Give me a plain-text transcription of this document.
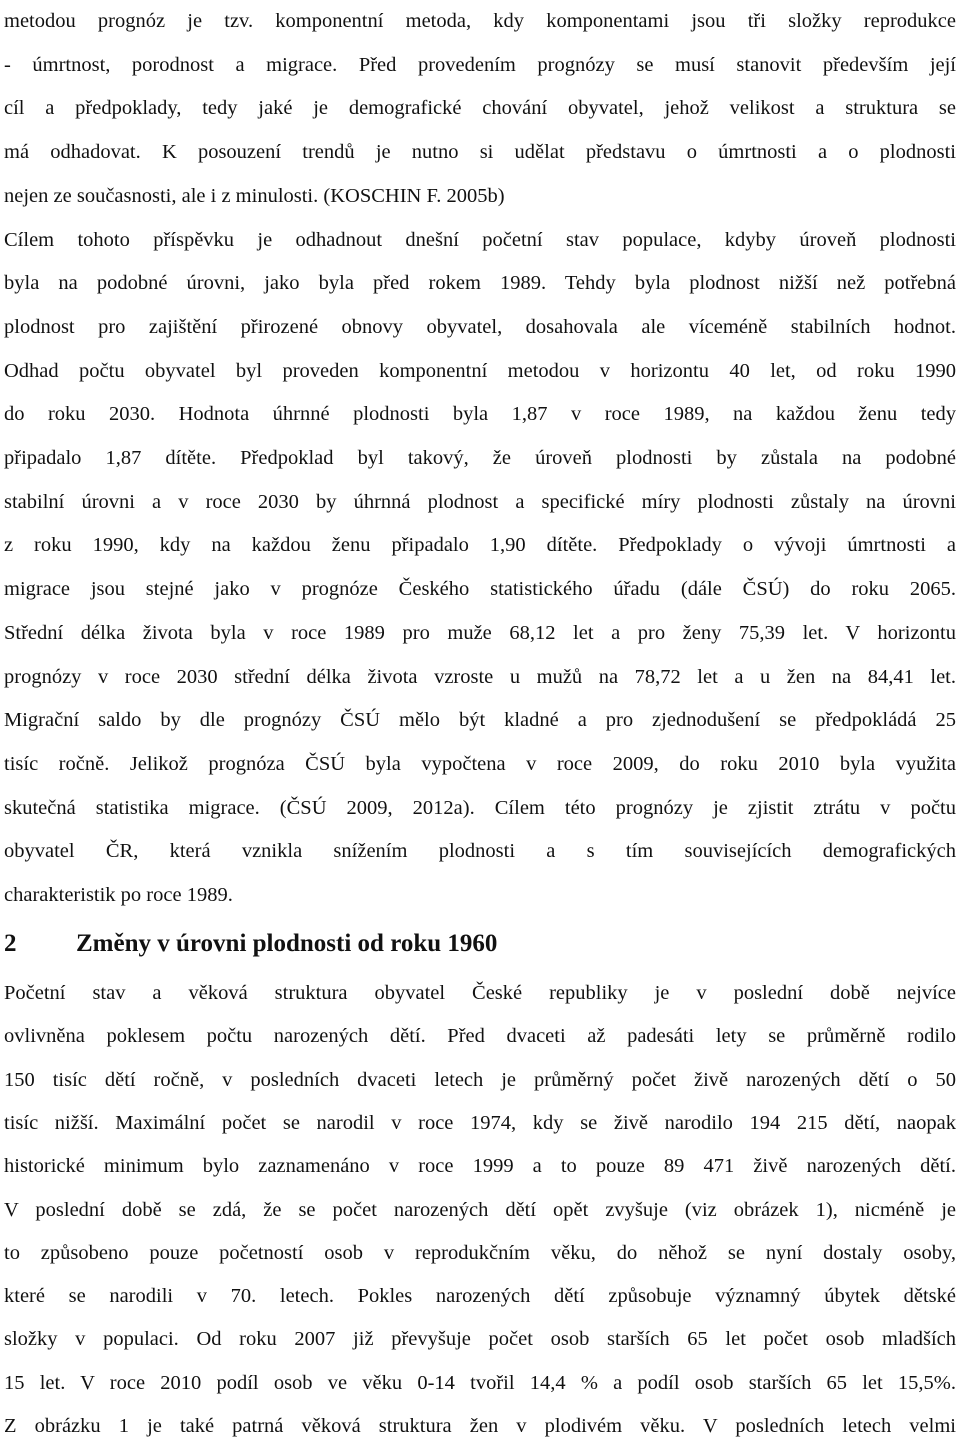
metodou prognóz je tzv. komponentní metoda, kdy komponentami jsou tři složky reprodukce
- úmrtnost, porodnost a migrace. Před provedením prognózy se musí stanovit především její
cíl a předpoklady, tedy jaké je demografické chování obyvatel, jehož velikost a struktura se
má odhadovat. K posouzení trendů je nutno si udělat představu o úmrtnosti a o plodnosti
nejen ze současnosti, ale i z minulosti. (KOSCHIN F. 2005b)
Cílem tohoto příspěvku je odhadnout dnešní početní stav populace, kdyby úroveň plodnosti
byla na podobné úrovni, jako byla před rokem 1989. Tehdy byla plodnost nižší než potřebná
plodnost pro zajištění přirozené obnovy obyvatel, dosahovala ale víceméně stabilních hodnot.
Odhad počtu obyvatel byl proveden komponentní metodou v horizontu 40 let, od roku 1990
do roku 2030. Hodnota úhrnné plodnosti byla 1,87 v roce 1989, na každou ženu tedy
připadalo 1,87 dítěte. Předpoklad byl takový, že úroveň plodnosti by zůstala na podobné
stabilní úrovni a v roce 2030 by úhrnná plodnost a specifické míry plodnosti zůstaly na úrovni
z roku 1990, kdy na každou ženu připadalo 1,90 dítěte. Předpoklady o vývoji úmrtnosti a
migrace jsou stejné jako v prognóze Českého statistického úřadu (dále ČSÚ) do roku 2065.
Střední délka života byla v roce 1989 pro muže 68,12 let a pro ženy 75,39 let. V horizontu
prognózy v roce 2030 střední délka života vzroste u mužů na 78,72 let a u žen na 84,41 let.
Migrační saldo by dle prognózy ČSÚ mělo být kladné a pro zjednodušení se předpokládá 25
tisíc ročně. Jelikož prognóza ČSÚ byla vypočtena v roce 2009, do roku 2010 byla využita
skutečná statistika migrace. (ČSÚ 2009, 2012a). Cílem této prognózy je zjistit ztrátu v počtu
obyvatel ČR, která vznikla snížením plodnosti a s tím souvisejících demografických
charakteristik po roce 1989.
2 Změny v úrovni plodnosti od roku 1960
Početní stav a věková struktura obyvatel České republiky je v poslední době nejvíce
ovlivněna poklesem počtu narozených dětí. Před dvaceti až padesáti lety se průměrně rodilo
150 tisíc dětí ročně, v posledních dvaceti letech je průměrný počet živě narozených dětí o 50
tisíc nižší. Maximální počet se narodil v roce 1974, kdy se živě narodilo 194 215 dětí, naopak
historické minimum bylo zaznamenáno v roce 1999 a to pouze 89 471 živě narozených dětí.
V poslední době se zdá, že se počet narozených dětí opět zvyšuje (viz obrázek 1), nicméně je
to způsobeno pouze početností osob v reprodukčním věku, do něhož se nyní dostaly osoby,
které se narodili v 70. letech. Pokles narozených dětí způsobuje významný úbytek dětské
složky v populaci. Od roku 2007 již převyšuje počet osob starších 65 let počet osob mladších
15 let. V roce 2010 podíl osob ve věku 0-14 tvořil 14,4 % a podíl osob starších 65 let 15,5%.
Z obrázku 1 je také patrná věková struktura žen v plodivém věku. V posledních letech velmi
